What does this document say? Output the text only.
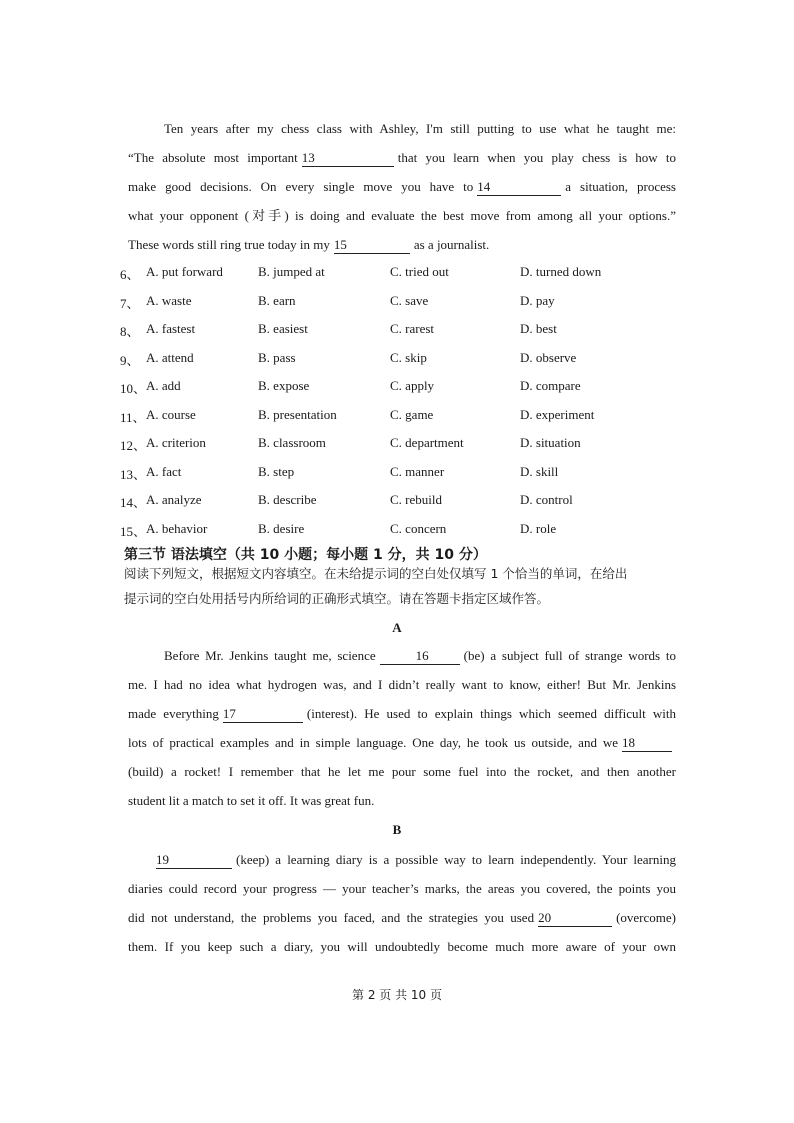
Ten years after my chess class with Ashley, I'm still putting to use what he taught me:

“The absolute most important 13	that you learn when you play chess is how to

make good decisions. On every single move you have to 14	a situation, process

what your opponent (对手) is doing and evaluate the best move from among all your options.”

These words still ring true today in my 15	as a journalist.

6、 A. put forward	B. jumped at	C. tried out	D. turned down
7、 A. waste	B. earn	C. save	D. pay
8、 A. fastest	B. easiest	C. rarest	D. best
9、 A. attend	B. pass	C. skip	D. observe
10、 A. add	B. expose	C. apply	D. compare
11、 A. course	B. presentation	C. game	D. experiment
12、 A. criterion	B. classroom	C. department	D. situation
13、 A. fact	B. step	C. manner	D. skill
14、 A. analyze	B. describe	C. rebuild	D. control
15、 A. behavior	B. desire	C. concern	D. role
第三节 语法填空（共 10 小题；每小题 1 分，共 10 分）
阅读下列短文，根据短文内容填空。在未给提示词的空白处仅填写 1 个恰当的单词，在给出
提示词的空白处用括号内所给词的正确形式填空。请在答题卡指定区域作答。
A

Before Mr. Jenkins taught me, science	16	(be) a subject full of strange words to

me. I had no idea what hydrogen was, and I didn’t really want to know, either! But Mr. Jenkins

made everything 17	(interest). He used to explain things which seemed difficult with

lots of practical examples and in simple language. One day, he took us outside, and we 18

(build) a rocket! I remember that he let me pour some fuel into the rocket, and then another

student lit a match to set it off. It was great fun.

B

19	(keep) a learning diary is a possible way to learn independently. Your learning

diaries could record your progress — your teacher’s marks, the areas you covered, the points you

did not understand, the problems you faced, and the strategies you used 20	(overcome)

them. If you keep such a diary, you will undoubtedly become much more aware of your own

第 2 页 共 10 页
